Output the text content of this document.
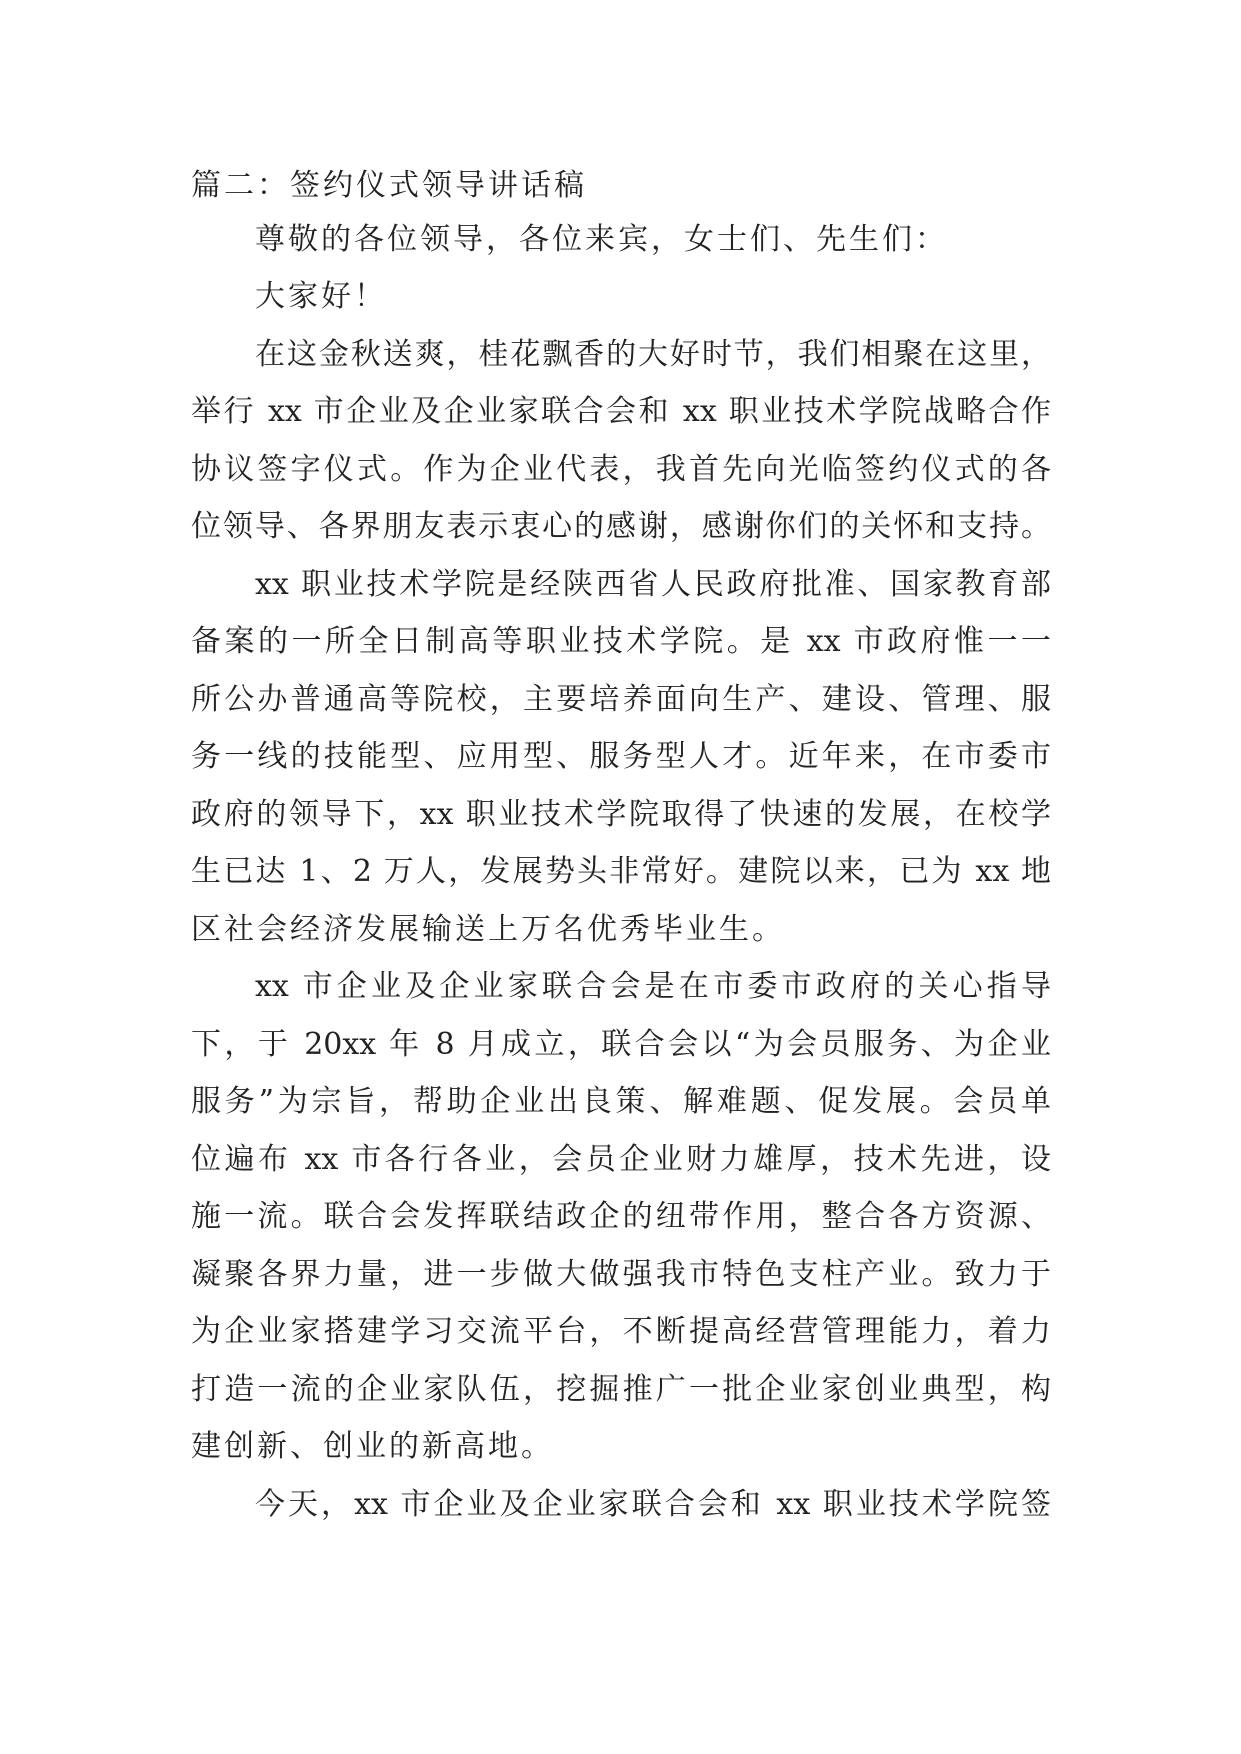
篇二：签约仪式领导讲话稿
尊敬的各位领导，各位来宾，女士们、先生们：
大家好！
在这金秋送爽，桂花飘香的大好时节，我们相聚在这里，
举行 xx 市企业及企业家联合会和 xx 职业技术学院战略合作
协议签字仪式。作为企业代表，我首先向光临签约仪式的各
位领导、各界朋友表示衷心的感谢，感谢你们的关怀和支持。
xx 职业技术学院是经陕西省人民政府批准、国家教育部
备案的一所全日制高等职业技术学院。是 xx 市政府惟一一
所公办普通高等院校，主要培养面向生产、建设、管理、服
务一线的技能型、应用型、服务型人才。近年来，在市委市
政府的领导下，xx 职业技术学院取得了快速的发展，在校学
生已达 1、2 万人，发展势头非常好。建院以来，已为 xx 地
区社会经济发展输送上万名优秀毕业生。
xx 市企业及企业家联合会是在市委市政府的关心指导
下，于 20xx 年 8 月成立，联合会以“为会员服务、为企业
服务”为宗旨，帮助企业出良策、解难题、促发展。会员单
位遍布 xx 市各行各业，会员企业财力雄厚，技术先进，设
施一流。联合会发挥联结政企的纽带作用，整合各方资源、
凝聚各界力量，进一步做大做强我市特色支柱产业。致力于
为企业家搭建学习交流平台，不断提高经营管理能力，着力
打造一流的企业家队伍，挖掘推广一批企业家创业典型，构
建创新、创业的新高地。
今天，xx 市企业及企业家联合会和 xx 职业技术学院签
